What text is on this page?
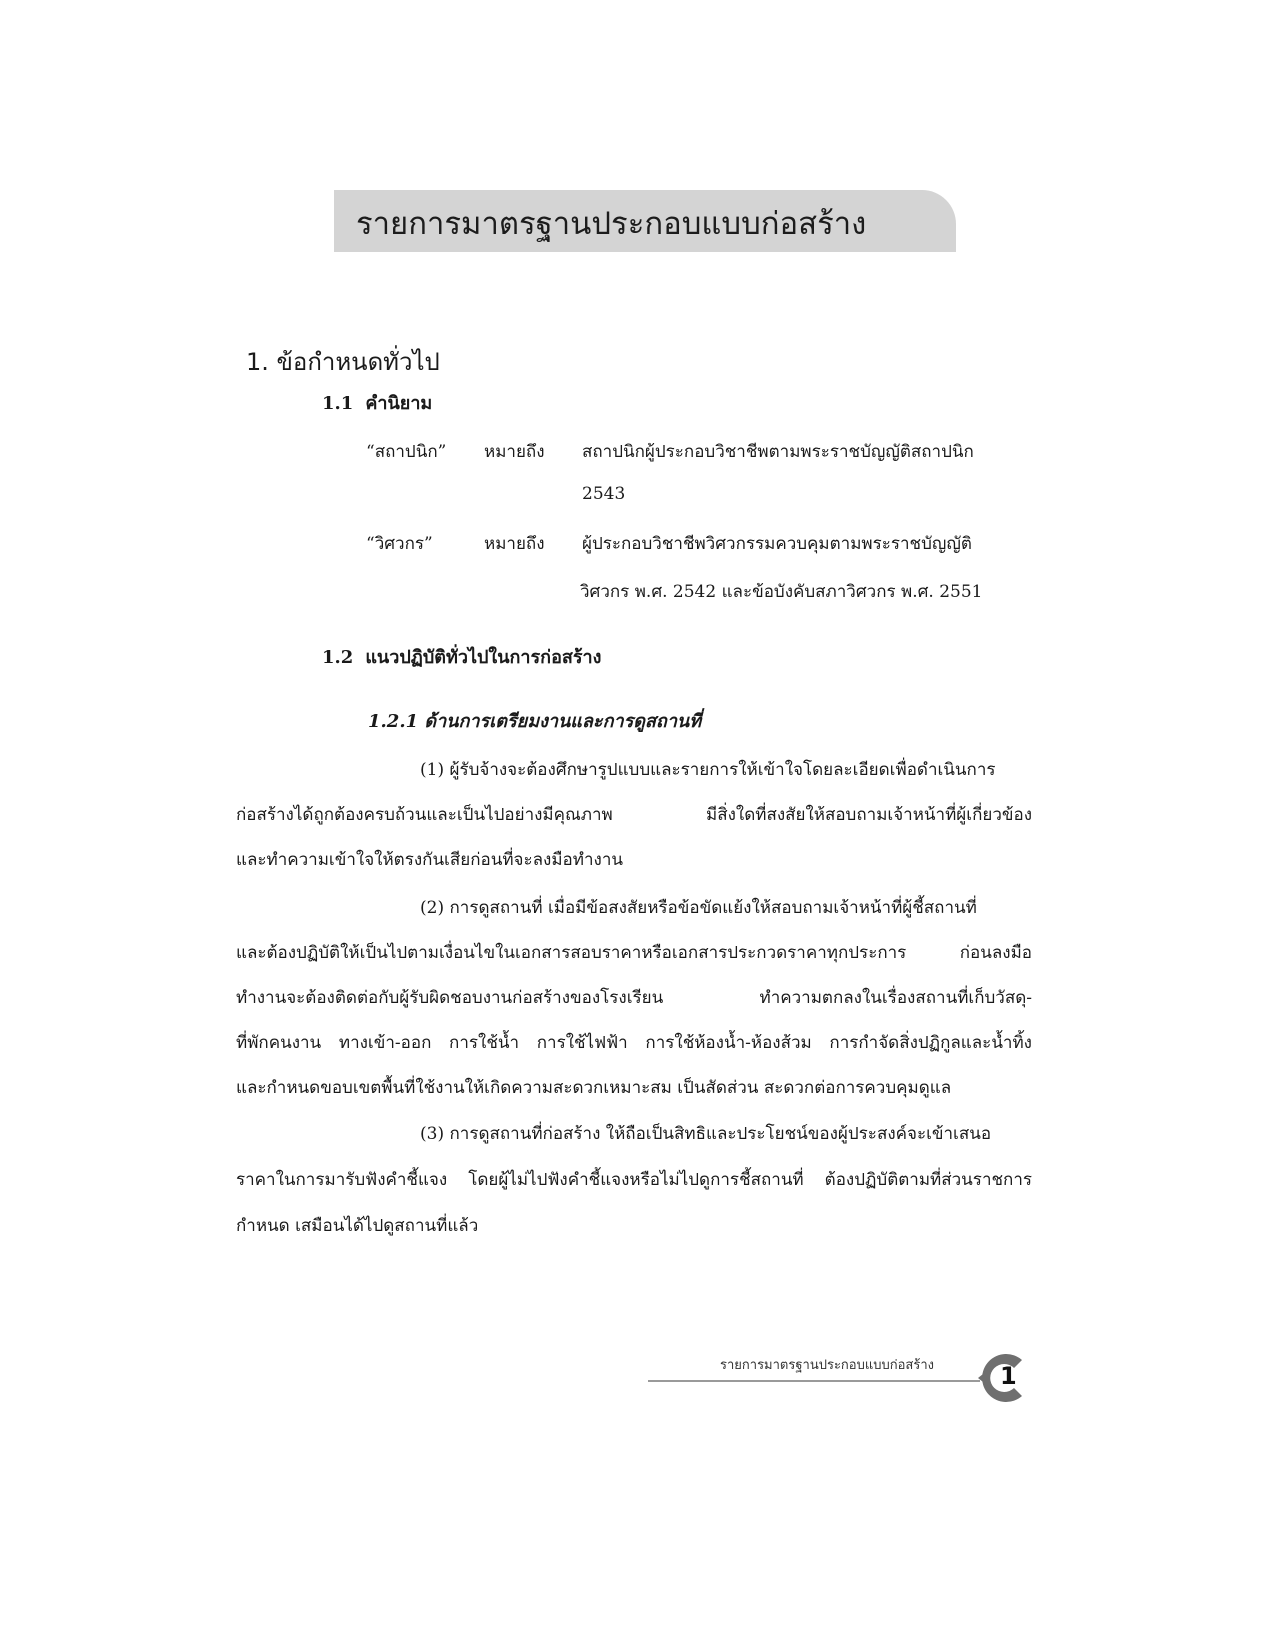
รายการมาตรฐานประกอบแบบก่อสร้าง
1. ข้อกำหนดทั่วไป
1.1 คำนิยาม
“สถาปนิก” หมายถึง สถาปนิกผู้ประกอบวิชาชีพตามพระราชบัญญัติสถาปนิก
2543
“วิศวกร”	หมายถึง ผู้ประกอบวิชาชีพวิศวกรรมควบคุมตามพระราชบัญญัติ
วิศวกร พ.ศ. 2542 และข้อบังคับสภาวิศวกร พ.ศ. 2551
1.2 แนวปฏิบัติทั่วไปในการก่อสร้าง
1.2.1 ด้านการเตรียมงานและการดูสถานที่
(1) ผู้รับจ้างจะต้องศึกษารูปแบบและรายการให้เข้าใจโดยละเอียดเพื่อดำเนินการ
ก่อสร้างได้ถูกต้องครบถ้วนและเป็นไปอย่างมีคุณภาพ มีสิ่งใดที่สงสัยให้สอบถามเจ้าหน้าที่ผู้เกี่ยวข้อง
และทำความเข้าใจให้ตรงกันเสียก่อนที่จะลงมือทำงาน
(2) การดูสถานที่ เมื่อมีข้อสงสัยหรือข้อขัดแย้งให้สอบถามเจ้าหน้าที่ผู้ชี้สถานที่
และต้องปฏิบัติให้เป็นไปตามเงื่อนไขในเอกสารสอบราคาหรือเอกสารประกวดราคาทุกประการ ก่อนลงมือ
ทำงานจะต้องติดต่อกับผู้รับผิดชอบงานก่อสร้างของโรงเรียน ทำความตกลงในเรื่องสถานที่เก็บวัสดุ-
ที่พักคนงาน ทางเข้า-ออก การใช้น้ำ การใช้ไฟฟ้า การใช้ห้องน้ำ-ห้องส้วม การกำจัดสิ่งปฏิกูลและน้ำทิ้ง
และกำหนดขอบเขตพื้นที่ใช้งานให้เกิดความสะดวกเหมาะสม เป็นสัดส่วน สะดวกต่อการควบคุมดูแล
(3) การดูสถานที่ก่อสร้าง ให้ถือเป็นสิทธิและประโยชน์ของผู้ประสงค์จะเข้าเสนอ
ราคาในการมารับฟังคำชี้แจง โดยผู้ไม่ไปฟังคำชี้แจงหรือไม่ไปดูการชี้สถานที่ ต้องปฏิบัติตามที่ส่วนราชการ
กำหนด เสมือนได้ไปดูสถานที่แล้ว
รายการมาตรฐานประกอบแบบก่อสร้าง	1
